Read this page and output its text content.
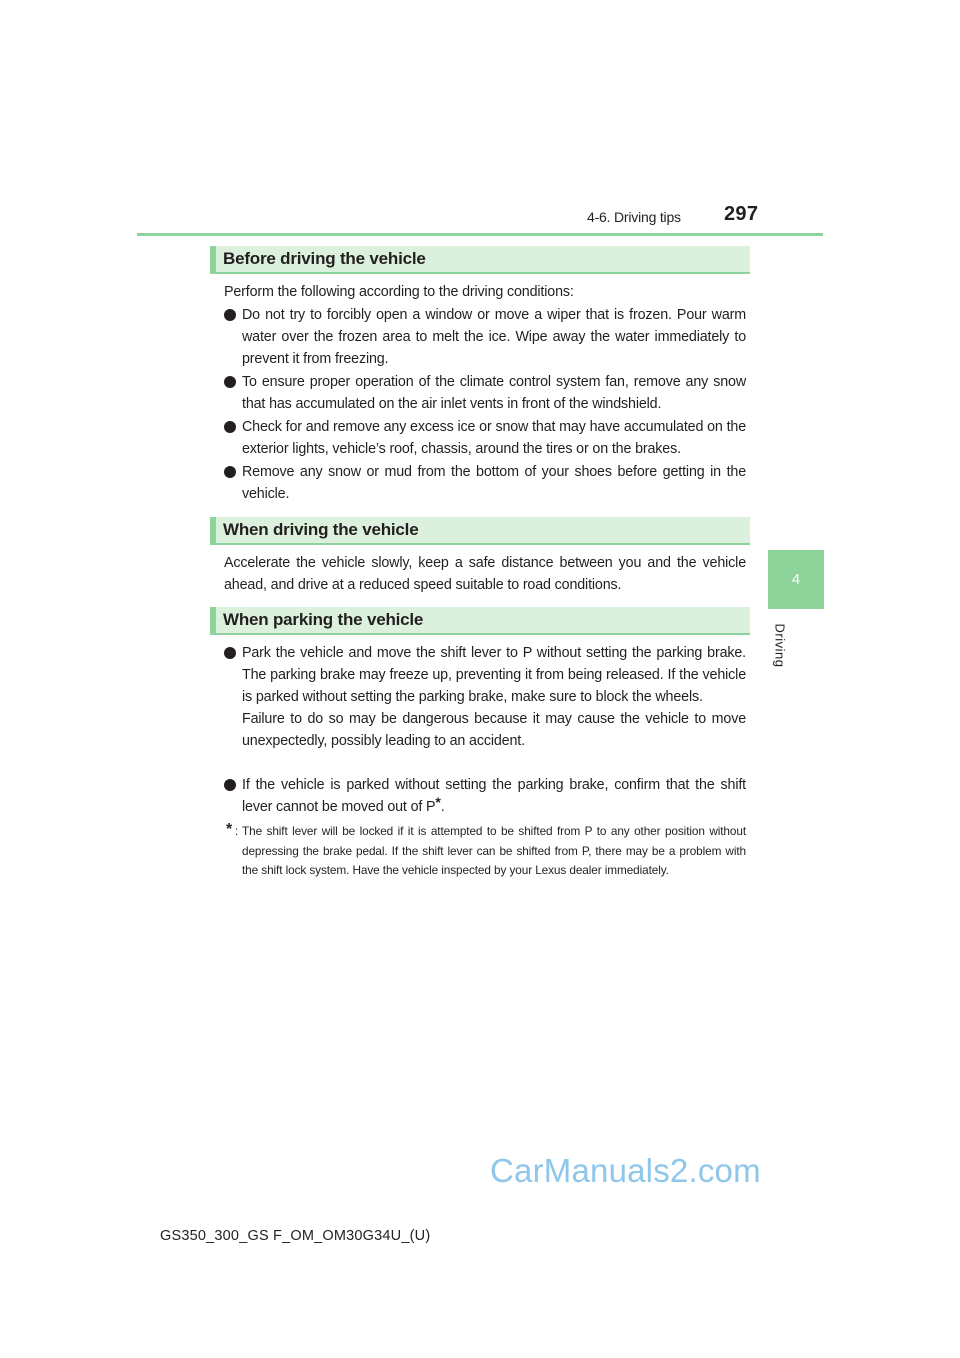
4-6. Driving tips 297
4
Driving
Before driving the vehicle
Perform the following according to the driving conditions:
Do not try to forcibly open a window or move a wiper that is frozen. Pour warm water over the frozen area to melt the ice. Wipe away the water immediately to prevent it from freezing.
To ensure proper operation of the climate control system fan, remove any snow that has accumulated on the air inlet vents in front of the windshield.
Check for and remove any excess ice or snow that may have accumulated on the exterior lights, vehicle’s roof, chassis, around the tires or on the brakes.
Remove any snow or mud from the bottom of your shoes before getting in the vehicle.
When driving the vehicle
Accelerate the vehicle slowly, keep a safe distance between you and the vehicle ahead, and drive at a reduced speed suitable to road conditions.
When parking the vehicle

Park the vehicle and move the shift lever to P without setting the parking brake. The parking brake may freeze up, preventing it from being released. If the vehicle is parked without setting the parking brake, make sure to block the wheels.

Failure to do so may be dangerous because it may cause the vehicle to move unexpectedly, possibly leading to an accident.

If the vehicle is parked without setting the parking brake, confirm that the shift lever cannot be moved out of P*.
* : The shift lever will be locked if it is attempted to be shifted from P to any other position without depressing the brake pedal. If the shift lever can be shifted from P, there may be a problem with the shift lock system. Have the vehicle inspected by your Lexus dealer immediately.
CarManuals2.com
GS350_300_GS F_OM_OM30G34U_(U)
